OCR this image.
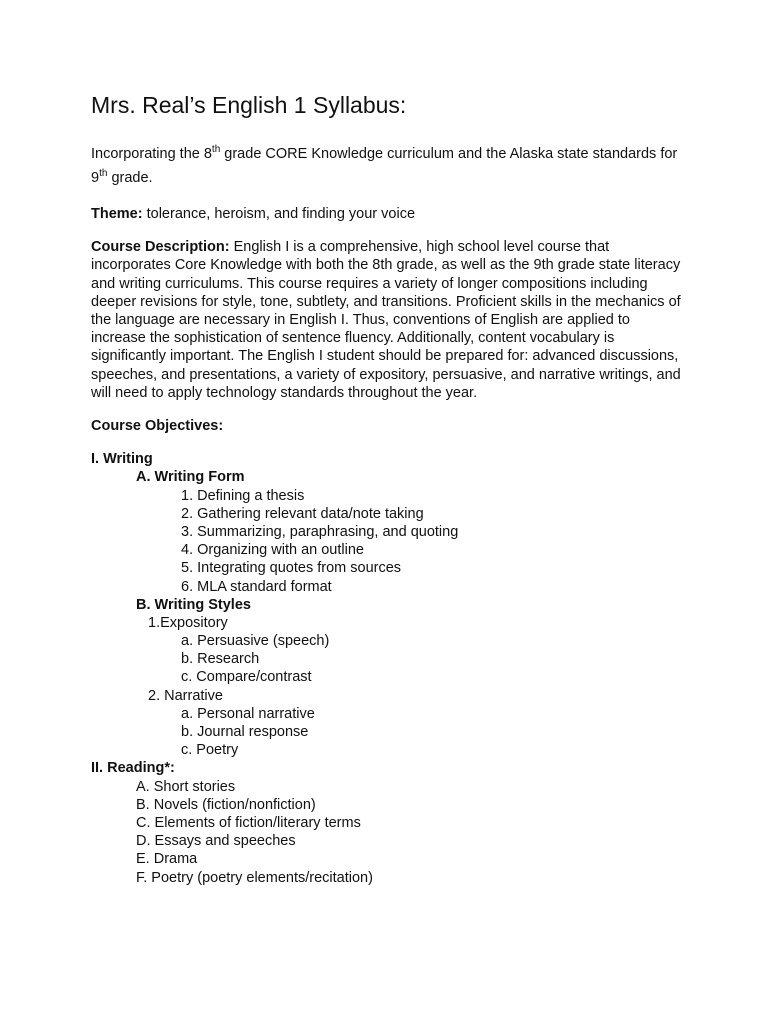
Mrs. Real’s English 1 Syllabus:

Incorporating the 8th grade CORE Knowledge curriculum and the Alaska state standards for 9th grade.

Theme: tolerance, heroism, and finding your voice

Course Description: English I is a comprehensive, high school level course that incorporates Core Knowledge with both the 8th grade, as well as the 9th grade state literacy and writing curriculums. This course requires a variety of longer compositions including deeper revisions for style, tone, subtlety, and transitions. Proficient skills in the mechanics of the language are necessary in English I. Thus, conventions of English are applied to increase the sophistication of sentence fluency. Additionally, content vocabulary is significantly important. The English I student should be prepared for: advanced discussions, speeches, and presentations, a variety of expository, persuasive, and narrative writings, and will need to apply technology standards throughout the year.

Course Objectives:

I. Writing
A. Writing Form
1. Defining a thesis
2. Gathering relevant data/note taking
3. Summarizing, paraphrasing, and quoting
4. Organizing with an outline
5. Integrating quotes from sources
6. MLA standard format
B. Writing Styles
1.Expository
a. Persuasive (speech)
b. Research
c. Compare/contrast
2. Narrative
a. Personal narrative
b. Journal response
c. Poetry
II. Reading*:
A. Short stories
B. Novels (fiction/nonfiction)
C. Elements of fiction/literary terms
D. Essays and speeches
E. Drama
F. Poetry (poetry elements/recitation)
